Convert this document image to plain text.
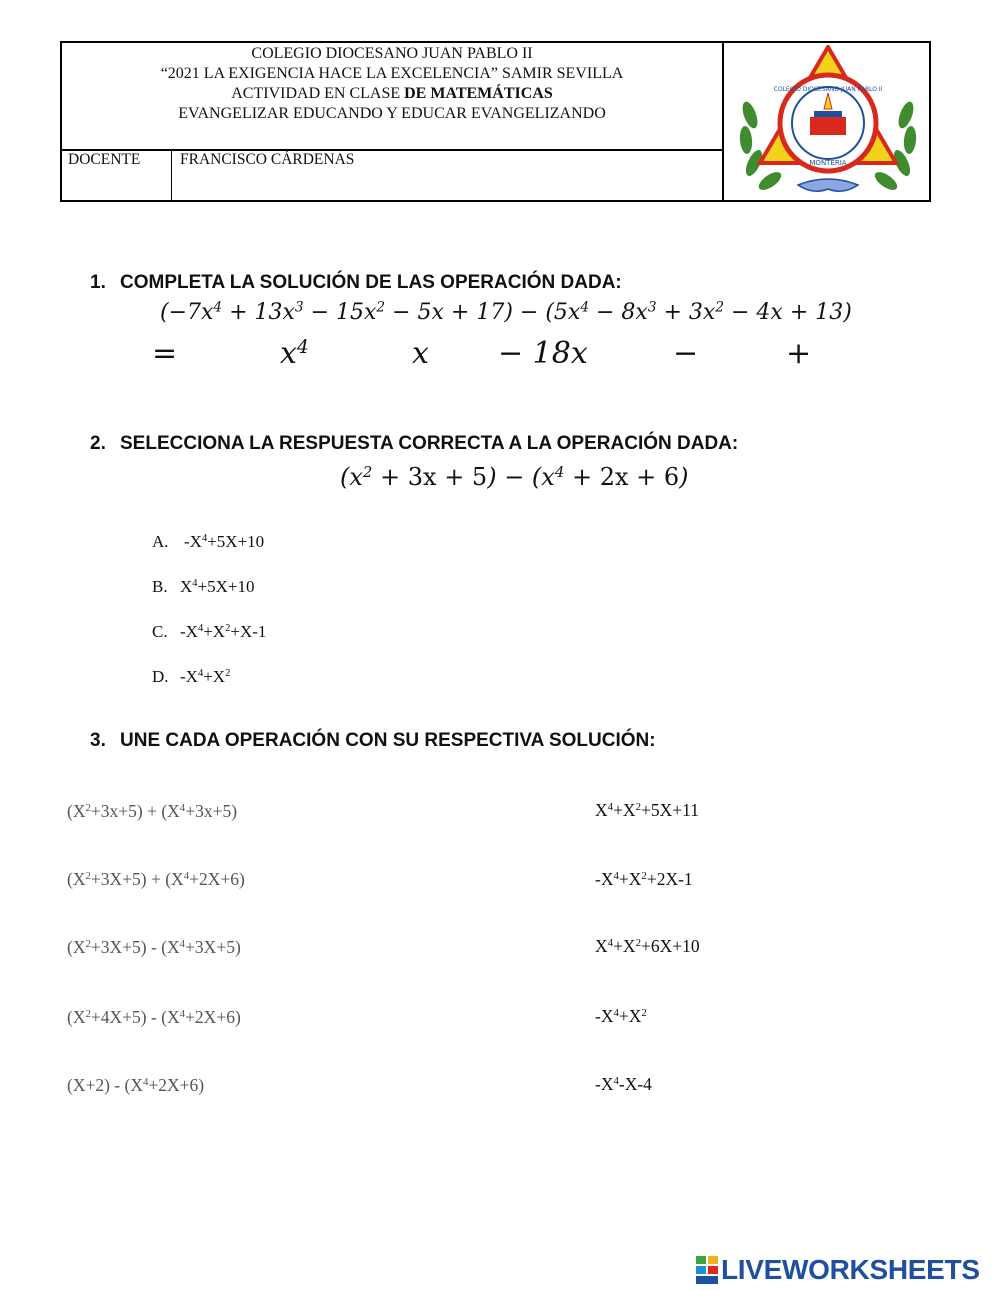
COLEGIO DIOCESANO JUAN PABLO II
“2021 LA EXIGENCIA HACE LA EXCELENCIA” SAMIR SEVILLA
ACTIVIDAD EN CLASE DE MATEMÁTICAS
EVANGELIZAR EDUCANDO Y EDUCAR EVANGELIZANDO
DOCENTE	FRANCISCO CÁRDENAS
COLEGIO DIOCESANO JUAN PABLO II
MONTERIA
1. COMPLETA LA SOLUCIÓN DE LAS OPERACIÓN DADA:
$(-7x^4 + 13x^3 - 15x^2 - 5x + 17) - (5x^4 - 8x^3 + 3x^2 - 4x + 13)$
=	$x^4$	x − 18x	−	+
2. SELECCIONA LA RESPUESTA CORRECTA A LA OPERACIÓN DADA:
$(x^2 + 3x + 5) - (x^4 + 2x + 6)$
A. $-X^4+5X+10$
B. $X^4+5X+10$
C. $-X^4+X^2+X-1$
D. $-X^4+X^2$
3. UNE CADA OPERACIÓN CON SU RESPECTIVA SOLUCIÓN:
$(X^2+3x+5) + (X^4+3x+5)$
$(X^2+3X+5) + (X^4+2X+6)$
$(X^2+3X+5) - (X^4+3X+5)$
$(X^2+4X+5) - (X^4+2X+6)$
$(X+2) - (X^4+2X+6)$
$X^4+X^2+5X+11$
$-X^4+X^2+2X-1$
$X^4+X^2+6X+10$
$-X^4+X^2$
$-X^4-X-4$
LIVEWORKSHEETS
